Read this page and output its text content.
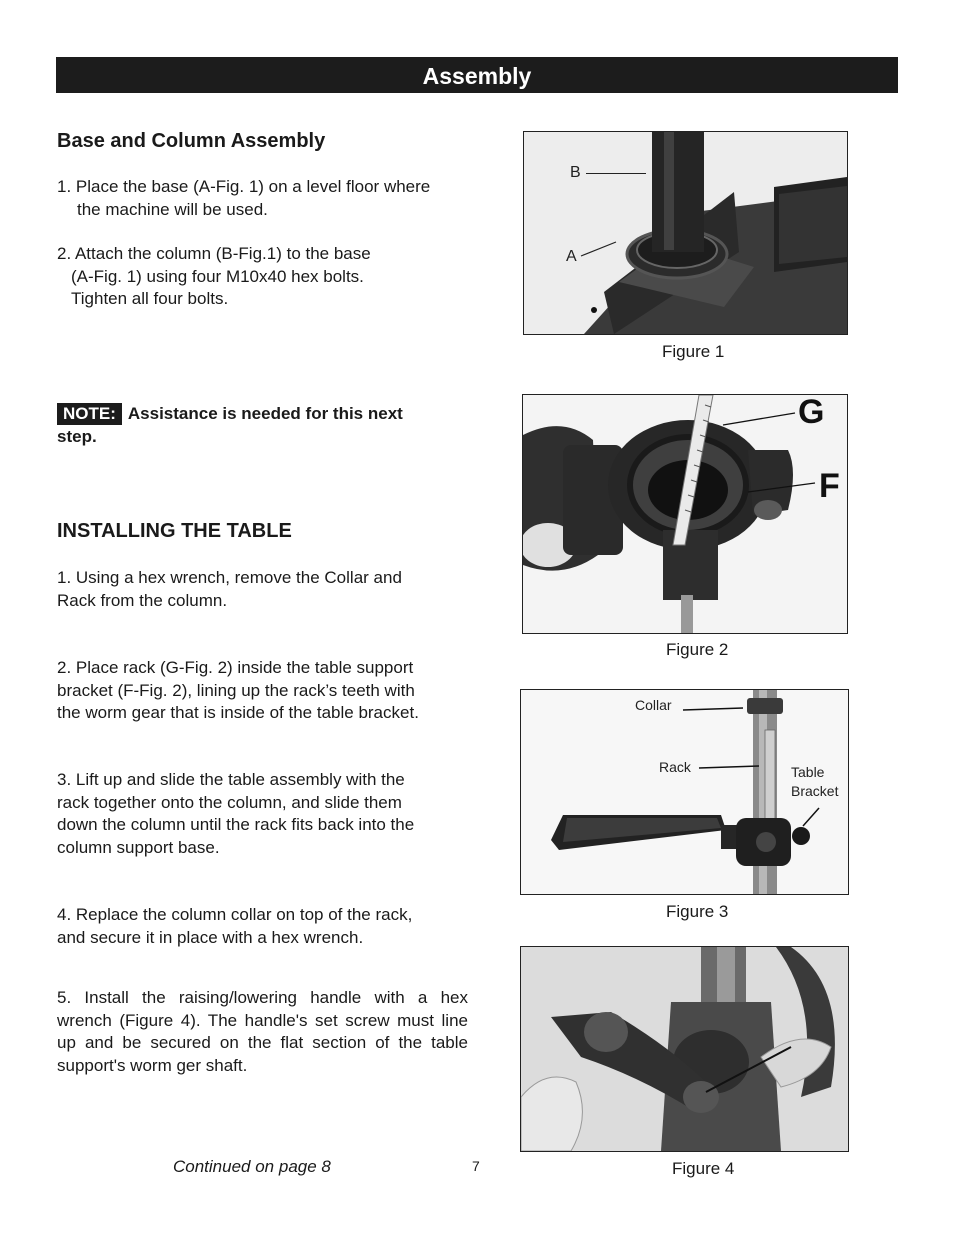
Assembly
Base and Column Assembly
1. Place the base (A-Fig. 1) on a level floor where
the machine will be used.
2. Attach the column (B-Fig.1) to the base
(A-Fig. 1) using four M10x40 hex bolts.
Tighten all four bolts.
NOTE: Assistance is needed for this next
step.
INSTALLING THE TABLE
1. Using a hex wrench, remove the Collar and
Rack from the column.
2. Place rack (G-Fig. 2) inside the table support
bracket (F-Fig. 2), lining up the rack’s teeth with
the worm gear that is inside of the table bracket.
3. Lift up and slide the table assembly with the
rack together onto the column, and slide them
down the column until the rack fits back into the
column support base.
4. Replace the column collar on top of the rack,
and secure it in place with a hex wrench.
5. Install the raising/lowering handle with a hex wrench (Figure 4). The handle's set screw must line up and be secured on the flat section of the table support's worm ger shaft.
B
A
Figure 1
G
F
Figure 2
Collar
Rack	Table
Bracket
Figure 3
Figure 4
Continued on page 8	7
